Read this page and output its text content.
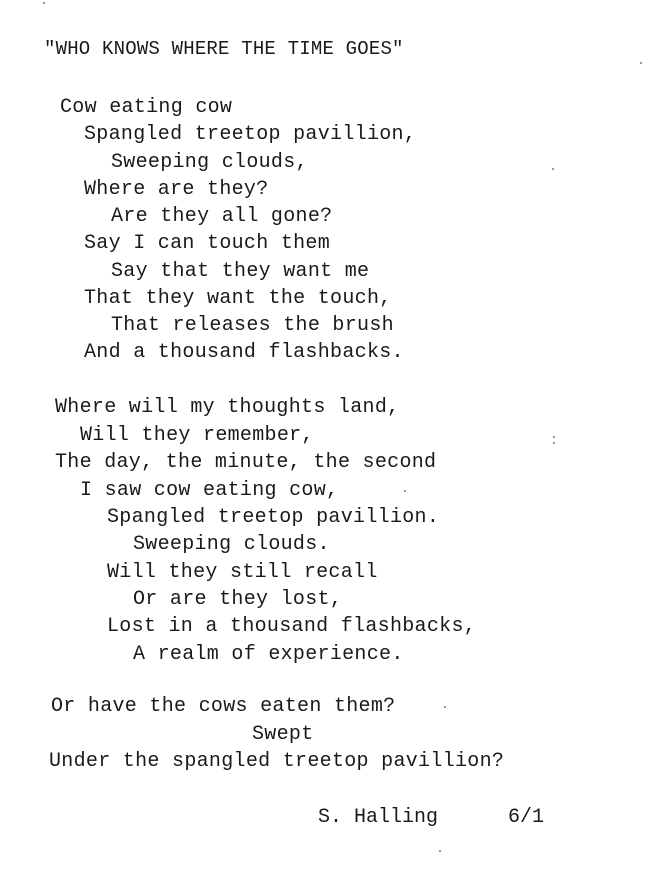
"WHO KNOWS WHERE THE TIME GOES"
Cow eating cow
Spangled treetop pavillion,
Sweeping clouds,
Where are they?
Are they all gone?
Say I can touch them
Say that they want me
That they want the touch,
That releases the brush
And a thousand flashbacks.
Where will my thoughts land,
Will they remember,
The day, the minute, the second
I saw cow eating cow,
Spangled treetop pavillion.
Sweeping clouds.
Will they still recall
Or are they lost,
Lost in a thousand flashbacks,
A realm of experience.
Or have the cows eaten them?
Swept
Under the spangled treetop pavillion?
S. Halling	6/1
